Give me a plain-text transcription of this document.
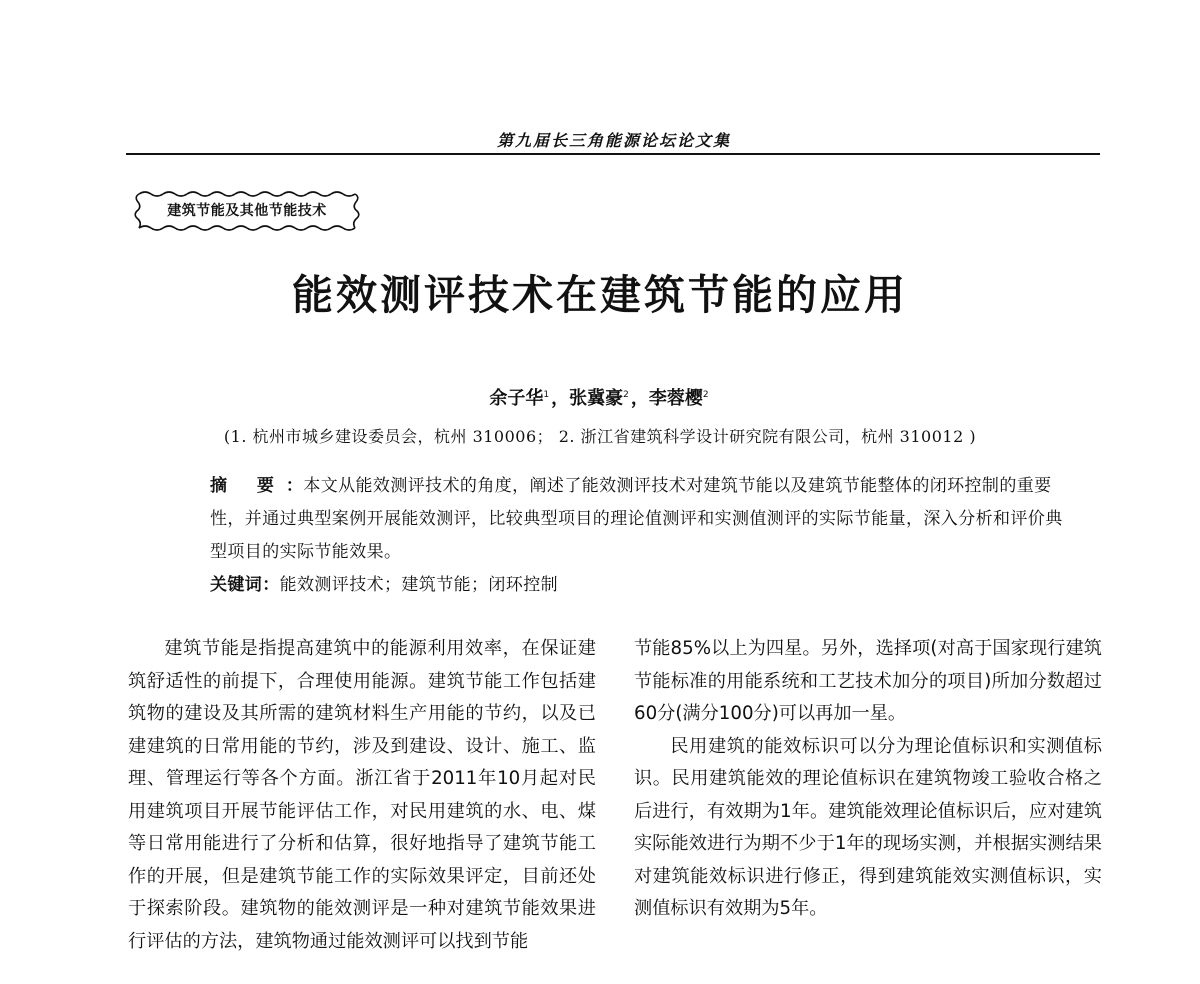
第九届长三角能源论坛论文集
建筑节能及其他节能技术
能效测评技术在建筑节能的应用
余子华$^1$ ，张冀豪$^2$ ，李蓉樱$^2$
(1. 杭州市城乡建设委员会，杭州 310006； 2. 浙江省建筑科学设计研究院有限公司，杭州 310012 )

摘 要：本文从能效测评技术的角度，阐述了能效测评技术对建筑节能以及建筑节能整体的闭环控制的重要性，并通过典型案例开展能效测评，比较典型项目的理论值测评和实测值测评的实际节能量，深入分析和评价典型项目的实际节能效果。

关键词：能效测评技术；建筑节能；闭环控制

建筑节能是指提高建筑中的能源利用效率，在保证建筑舒适性的前提下，合理使用能源。建筑节能工作包括建筑物的建设及其所需的建筑材料生产用能的节约，以及已建建筑的日常用能的节约，涉及到建设、设计、施工、监理、管理运行等各个方面。浙江省于2011年10月起对民用建筑项目开展节能评估工作，对民用建筑的水、电、煤等日常用能进行了分析和估算，很好地指导了建筑节能工作的开展，但是建筑节能工作的实际效果评定，目前还处于探索阶段。建筑物的能效测评是一种对建筑节能效果进行评估的方法，建筑物通过能效测评可以找到节能

节能85%以上为四星。另外，选择项(对高于国家现行建筑节能标准的用能系统和工艺技术加分的项目)所加分数超过60分(满分100分)可以再加一星。

民用建筑的能效标识可以分为理论值标识和实测值标识。民用建筑能效的理论值标识在建筑物竣工验收合格之后进行，有效期为1年。建筑能效理论值标识后，应对建筑实际能效进行为期不少于1年的现场实测，并根据实测结果对建筑能效标识进行修正，得到建筑能效实测值标识，实测值标识有效期为5年。
